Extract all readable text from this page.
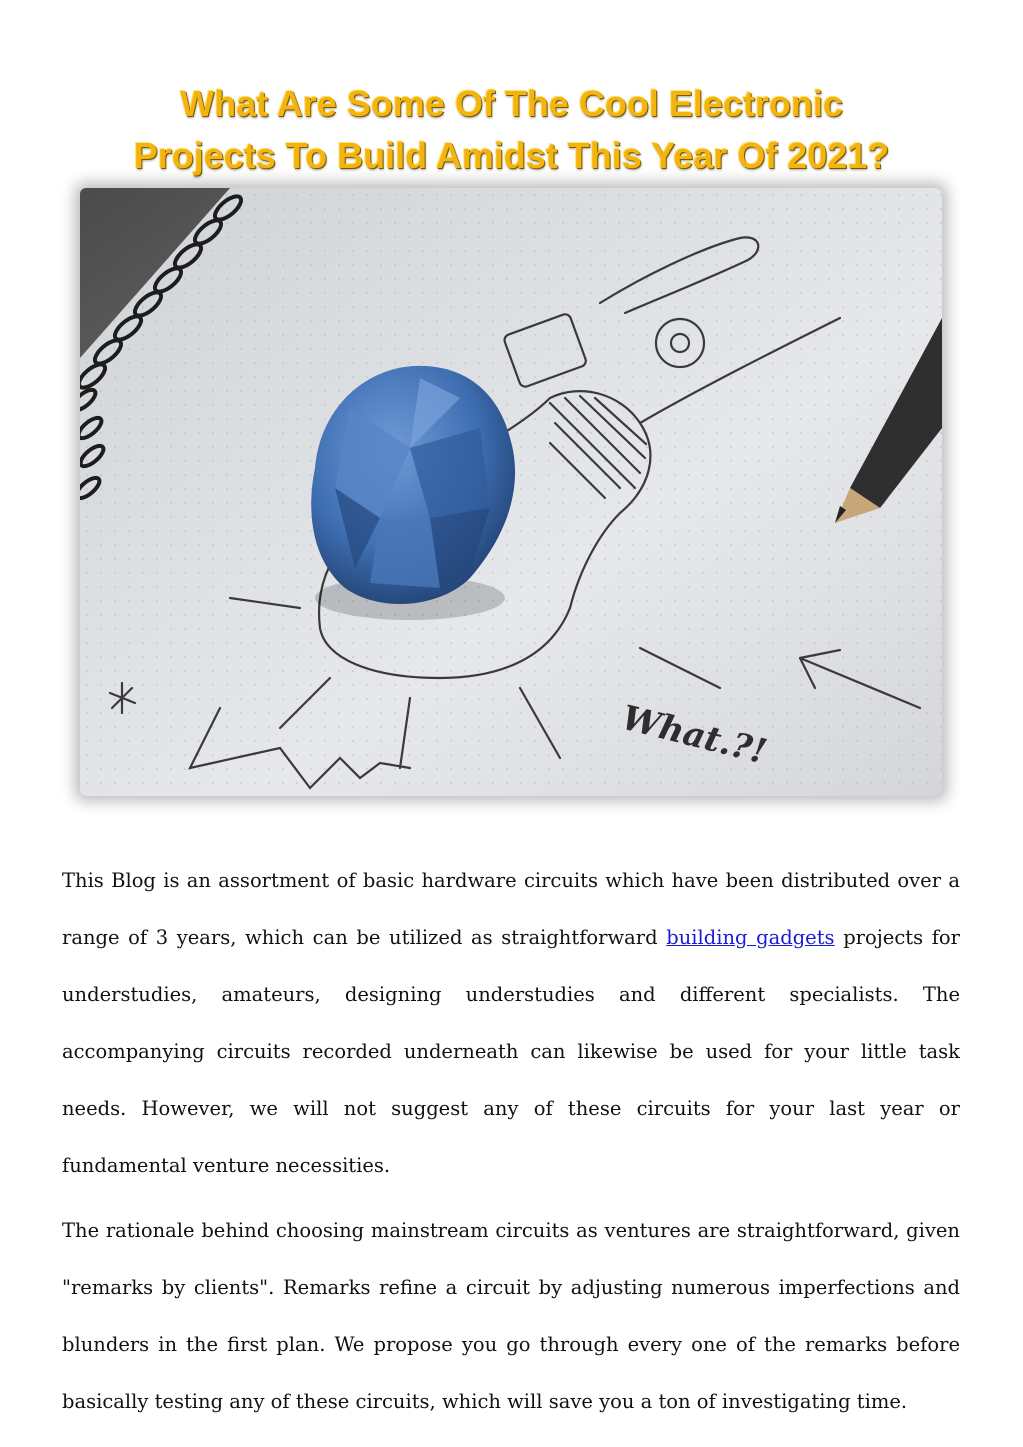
What Are Some Of The Cool Electronic
Projects To Build Amidst This Year Of 2021?
What.?!

This Blog is an assortment of basic hardware circuits which have been distributed over a range of 3 years, which can be utilized as straightforward building gadgets projects for understudies, amateurs, designing understudies and different specialists. The accompanying circuits recorded underneath can likewise be used for your little task needs. However, we will not suggest any of these circuits for your last year or fundamental venture necessities.

The rationale behind choosing mainstream circuits as ventures are straightforward, given "remarks by clients". Remarks refine a circuit by adjusting numerous imperfections and blunders in the first plan. We propose you go through every one of the remarks before basically testing any of these circuits, which will save you a ton of investigating time.
